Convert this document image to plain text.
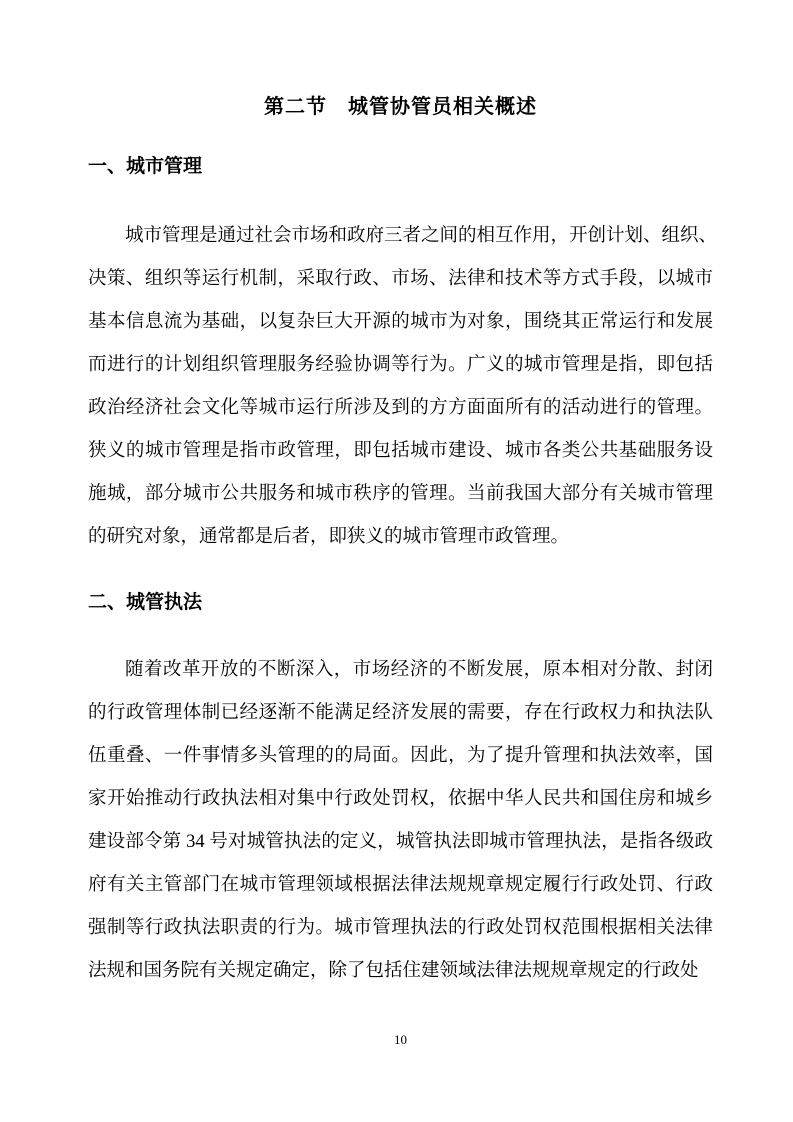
第二节　城管协管员相关概述
一、城市管理
城市管理是通过社会市场和政府三者之间的相互作用，开创计划、组织、
决策、组织等运行机制，采取行政、市场、法律和技术等方式手段，以城市
基本信息流为基础，以复杂巨大开源的城市为对象，围绕其正常运行和发展
而进行的计划组织管理服务经验协调等行为。广义的城市管理是指，即包括
政治经济社会文化等城市运行所涉及到的方方面面所有的活动进行的管理。
狭义的城市管理是指市政管理，即包括城市建设、城市各类公共基础服务设
施城，部分城市公共服务和城市秩序的管理。当前我国大部分有关城市管理
的研究对象，通常都是后者，即狭义的城市管理市政管理。
二、城管执法
随着改革开放的不断深入，市场经济的不断发展，原本相对分散、封闭
的行政管理体制已经逐渐不能满足经济发展的需要，存在行政权力和执法队
伍重叠、一件事情多头管理的的局面。因此，为了提升管理和执法效率，国
家开始推动行政执法相对集中行政处罚权，依据中华人民共和国住房和城乡
建设部令第 34 号对城管执法的定义，城管执法即城市管理执法，是指各级政
府有关主管部门在城市管理领域根据法律法规规章规定履行行政处罚、行政
强制等行政执法职责的行为。城市管理执法的行政处罚权范围根据相关法律
法规和国务院有关规定确定，除了包括住建领域法律法规规章规定的行政处
10
